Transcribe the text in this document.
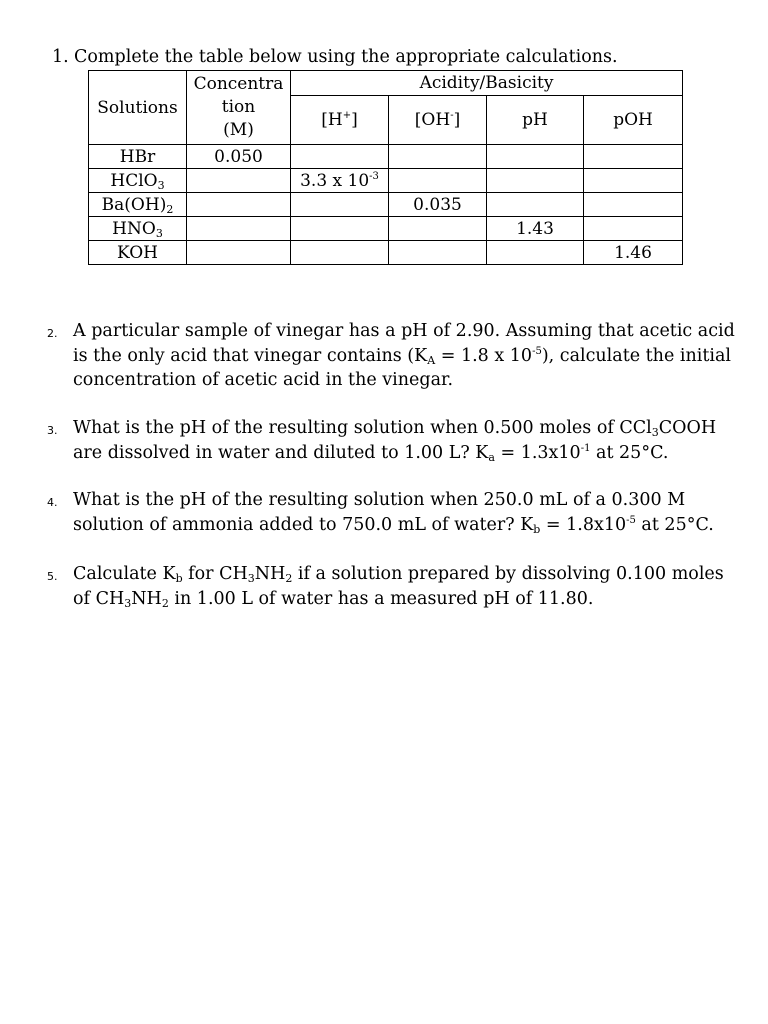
1. Complete the table below using the appropriate calculations.
Solutions	Concentra
tion
(M)	Acidity/Basicity			
		[H+]	[OH-]	pH	pOH
HBr	0.050				
HClO$_3$		3.3 x $10^{-3}$			
$Ba(OH)_2$			0.035		
$HNO_3$				1.43	
KOH					1.46
2. A particular sample of vinegar has a pH of 2.90. Assuming that acetic acid
is the only acid that vinegar contains ($K_A = 1.8$ x $10^{-5}$), calculate the initial
concentration of acetic acid in the vinegar.
3. What is the pH of the resulting solution when 0.500 moles of CCl$_3$COOH
are dissolved in water and diluted to 1.00 L? $K_a = 1.3x10^{-1}$ at 25°C.
4. What is the pH of the resulting solution when 250.0 mL of a 0.300 M
solution of ammonia added to 750.0 mL of water? $K_b = 1.8x10^{-5}$ at 25°C.
5. Calculate $K_b$ for $CH_3NH_2$ if a solution prepared by dissolving 0.100 moles
of $CH_3NH_2$ in 1.00 L of water has a measured pH of 11.80.
